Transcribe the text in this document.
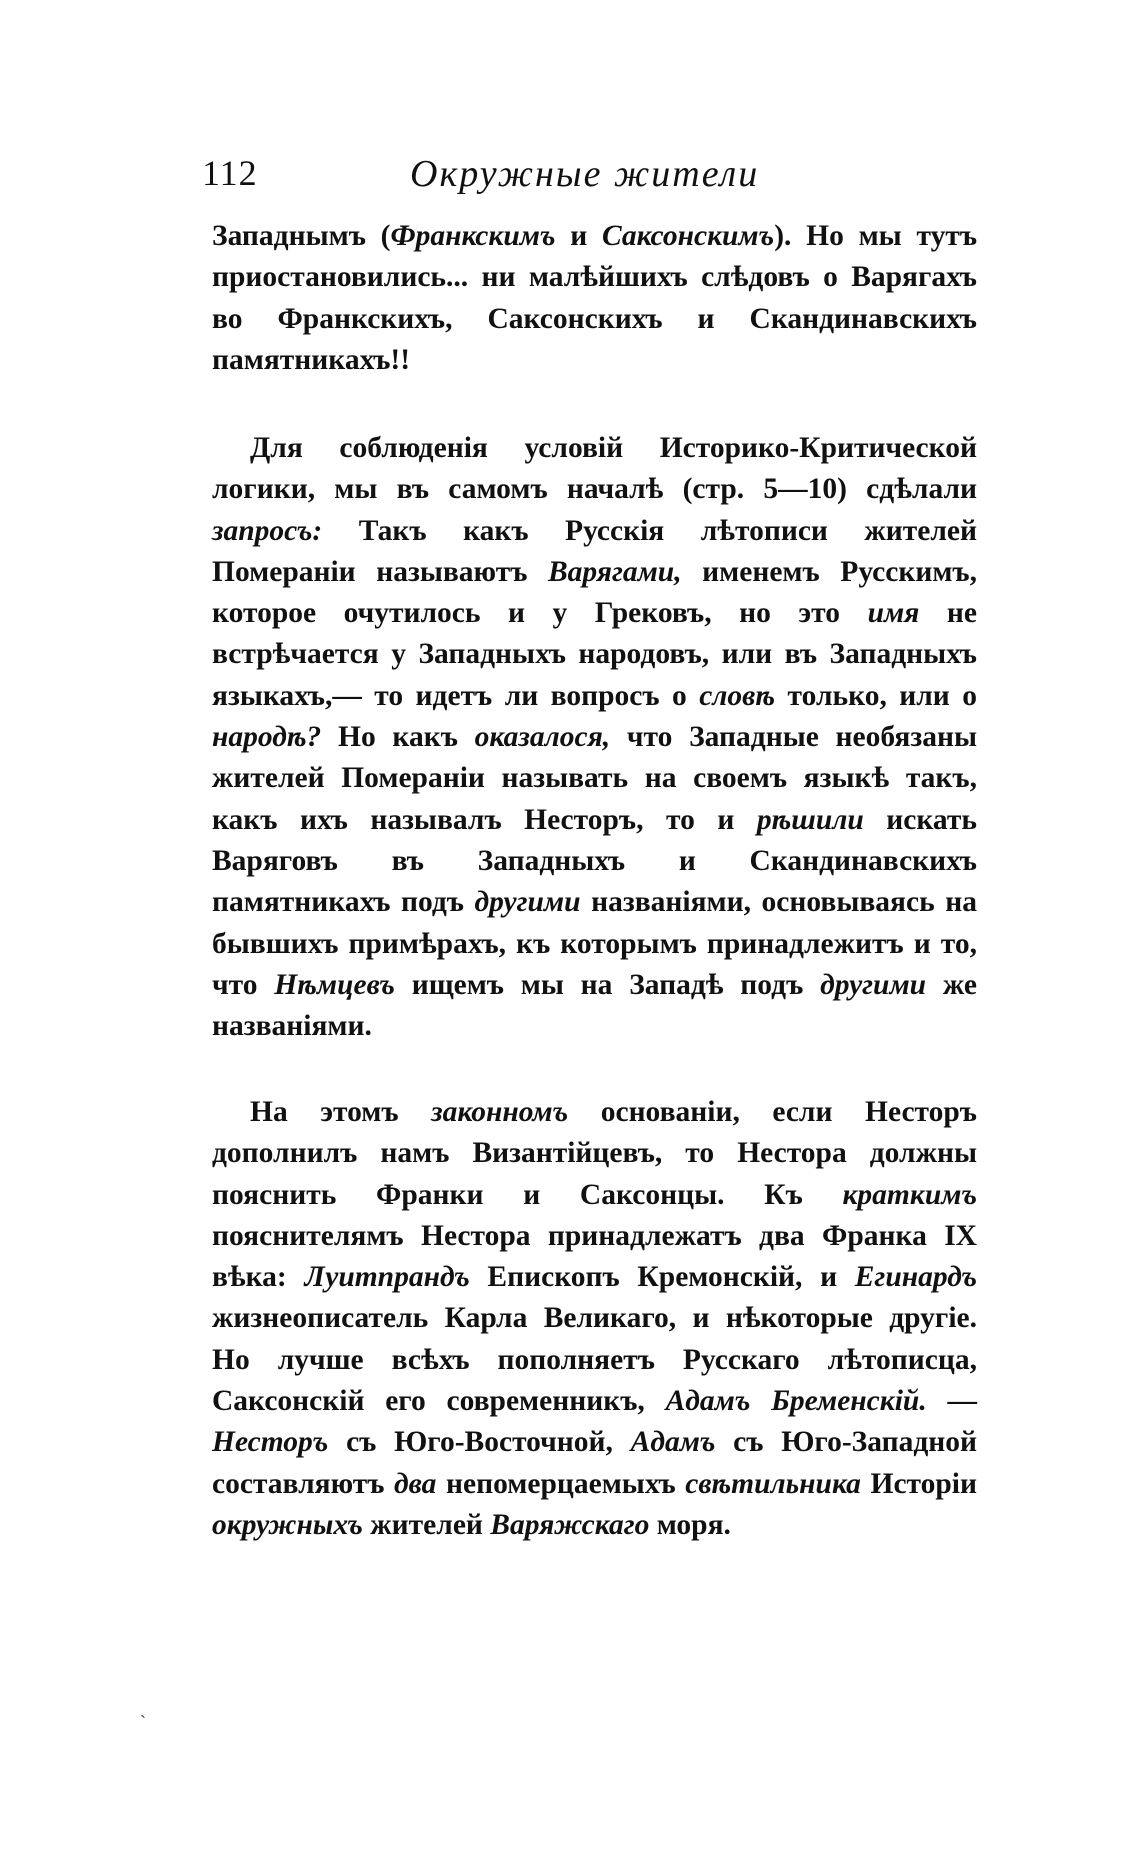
112	Окружные жители
Западнымъ (Франкскимъ и Саксонскимъ). Но мы тутъ приостановились... ни малѣйшихъ слѣдовъ о Варягахъ во Франкскихъ, Саксонскихъ и Скандинавскихъ памятникахъ!!
Для соблюденія условій Историко-Критической логики, мы въ самомъ началѣ (стр. 5—10) сдѣлали запросъ: Такъ какъ Русскія лѣтописи жителей Помераніи называютъ Варягами, именемъ Русскимъ, которое очутилось и у Грековъ, но это имя не встрѣчается у Западныхъ народовъ, или въ Западныхъ языкахъ,— то идетъ ли вопросъ о словѣ только, или о народѣ? Но какъ оказалося, что Западные необязаны жителей Помераніи называть на своемъ языкѣ такъ, какъ ихъ называлъ Несторъ, то и рѣшили искать Варяговъ въ Западныхъ и Скандинавскихъ памятникахъ подъ другими названіями, основываясь на бывшихъ примѣрахъ, къ которымъ принадлежитъ и то, что Нѣмцевъ ищемъ мы на Западѣ подъ другими же названіями.
На этомъ законномъ основаніи, если Несторъ дополнилъ намъ Византійцевъ, то Нестора должны пояснить Франки и Саксонцы. Къ краткимъ пояснителямъ Нестора принадлежатъ два Франка IX вѣка: Луитпрандъ Епископъ Кремонскій, и Егинардъ жизнеописатель Карла Великаго, и нѣкоторые другіе. Но лучше всѣхъ пополняетъ Русскаго лѣтописца, Саксонскій его современникъ, Адамъ Бременскій. — Несторъ съ Юго-Восточной, Адамъ съ Юго-Западной составляютъ два непомерцаемыхъ свѣтильника Исторіи окружныхъ жителей Варяжскаго моря.
ˎ
